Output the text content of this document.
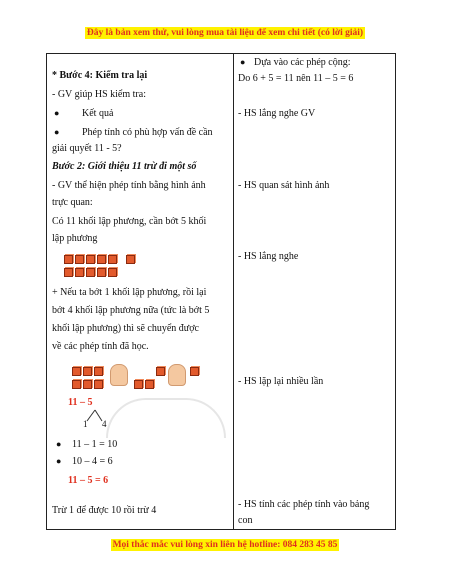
Đây là bản xem thử, vui lòng mua tài liệu để xem chi tiết (có lời giải)
* Bước 4: Kiểm tra lại
- GV giúp HS kiểm tra:
● Kết quả
● Phép tính có phù hợp vấn đề cần
giải quyết 11 - 5?
Bước 2: Giới thiệu 11 trừ đi một số
- GV thể hiện phép tính bằng hình ảnh
trực quan:
Có 11 khối lập phương, cần bớt 5 khối
lập phương
+ Nếu ta bớt 1 khối lập phương, rồi lại
bớt 4 khối lập phương nữa (tức là bớt 5
khối lập phương) thì sẽ chuyển được
về các phép tính đã học.
11 – 5
1 4
● 11 – 1 = 10
● 10 – 4 = 6
11 – 5 = 6
Trừ 1 để được 10 rồi trừ 4
● Dựa vào các phép cộng:
Do 6 + 5 = 11 nên 11 – 5 = 6
- HS lắng nghe GV
- HS quan sát hình ảnh
- HS lắng nghe
- HS lặp lại nhiều lần
- HS tính các phép tính vào bảng
con
Mọi thắc mắc vui lòng xin liên hệ hotline: 084 283 45 85
